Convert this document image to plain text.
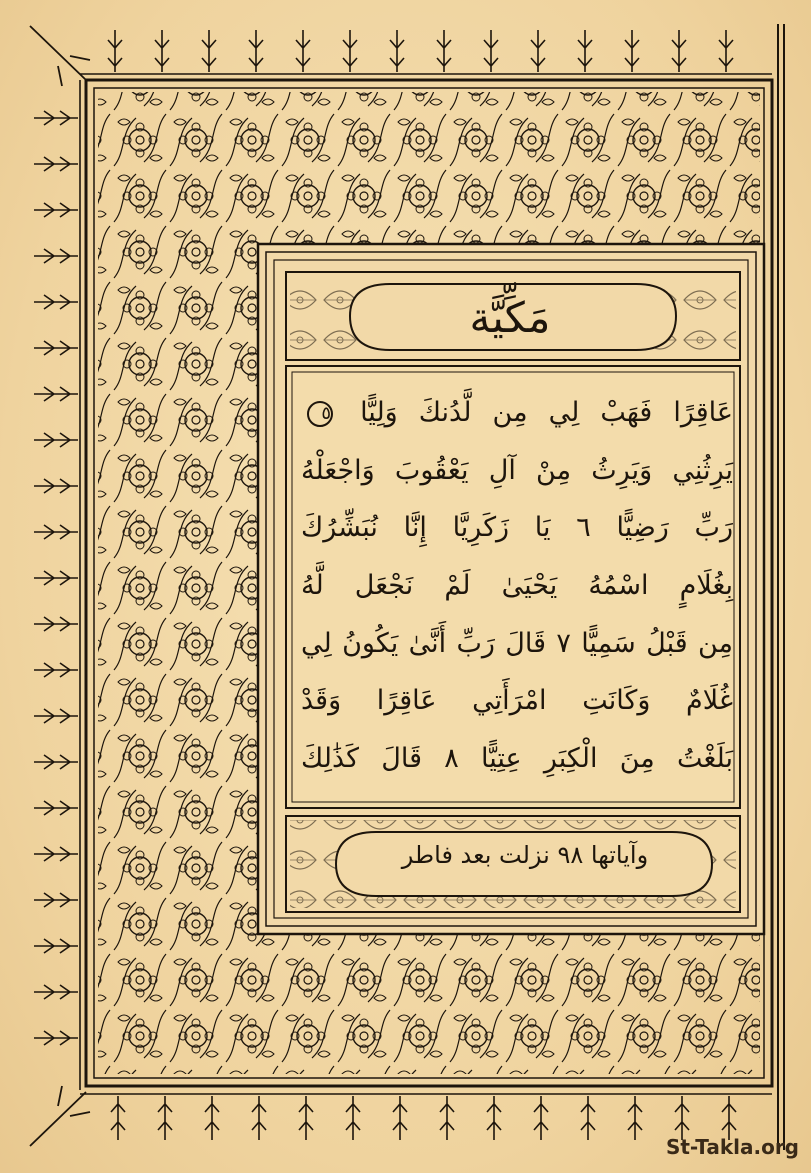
مَكِّيَّة
عَاقِرًا فَهَبْ لِي مِن لَّدُنكَ وَلِيًّا ٥
يَرِثُنِي وَيَرِثُ مِنْ آلِ يَعْقُوبَ وَاجْعَلْهُ
رَبِّ رَضِيًّا ٦ يَا زَكَرِيَّا إِنَّا نُبَشِّرُكَ
بِغُلَامٍ اسْمُهُ يَحْيَىٰ لَمْ نَجْعَل لَّهُ
مِن قَبْلُ سَمِيًّا ٧ قَالَ رَبِّ أَنَّىٰ يَكُونُ لِي
غُلَامٌ وَكَانَتِ امْرَأَتِي عَاقِرًا وَقَدْ
بَلَغْتُ مِنَ الْكِبَرِ عِتِيًّا ٨ قَالَ كَذَٰلِكَ
وآياتها ٩٨ نزلت بعد فاطر
St-Takla.org
